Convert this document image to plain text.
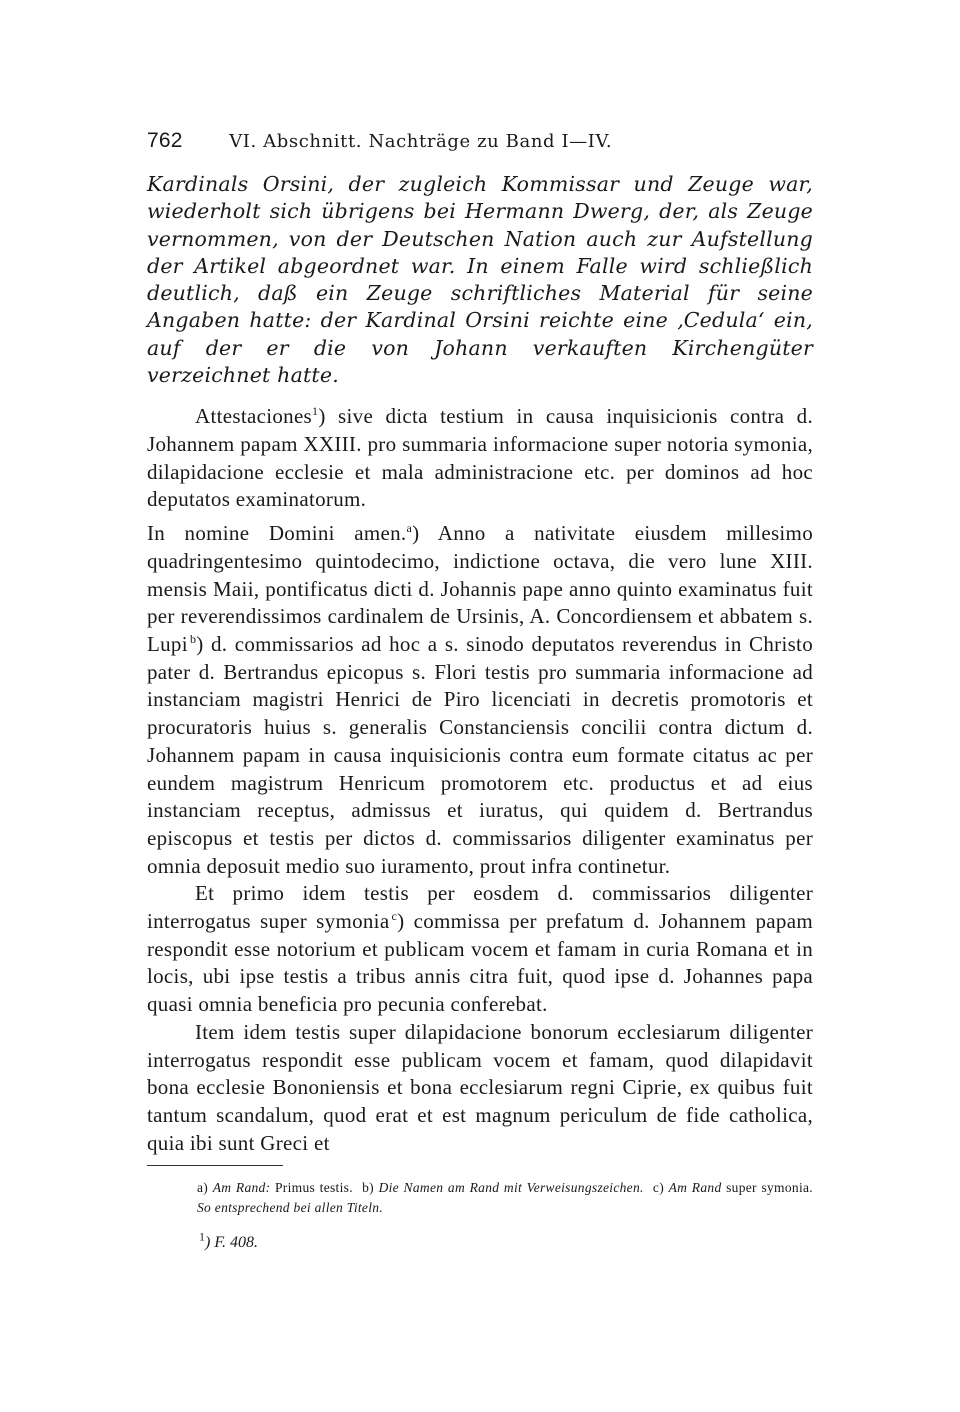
762	VI. Abschnitt. Nachträge zu Band I—IV.

Kardinals Orsini, der zugleich Kommissar und Zeuge war, wiederholt sich übrigens bei Hermann Dwerg, der, als Zeuge vernommen, von der Deutschen Nation auch zur Aufstellung der Artikel abgeordnet war. In einem Falle wird schließlich deutlich, daß ein Zeuge schriftliches Material für seine Angaben hatte: der Kardinal Orsini reichte eine ‚Cedula‘ ein, auf der er die von Johann verkauften Kirchengüter verzeichnet hatte.

Attestaciones$^1$) sive dicta testium in causa inquisicionis contra d. Johannem papam XXIII. pro summaria informacione super notoria symonia, dilapidacione ecclesie et mala administracione etc. per dominos ad hoc deputatos examinatorum.

In nomine Domini amen.$^a$) Anno a nativitate eiusdem millesimo quadringentesimo quintodecimo, indictione octava, die vero lune XIII. mensis Maii, pontificatus dicti d. Johannis pape anno quinto examinatus fuit per reverendissimos cardinalem de Ursinis, A. Concordiensem et abbatem s. Lupi  $^b$) d. commissarios ad hoc a s. sinodo deputatos reverendus in Christo pater d. Bertrandus epicopus s. Flori testis pro summaria informacione ad instanciam magistri Henrici de Piro licenciati in decretis promotoris et procuratoris huius s. generalis Constanciensis concilii contra dictum d. Johannem papam in causa inquisicionis contra eum formate citatus ac per eundem magistrum Henricum promotorem etc. productus et ad eius instanciam receptus, admissus et iuratus, qui quidem d. Bertrandus episcopus et testis per dictos d. commissarios diligenter examinatus per omnia deposuit medio suo iuramento, prout infra continetur.

Et primo idem testis per eosdem d. commissarios diligenter interrogatus super symonia  $^c$) commissa per prefatum d. Johannem papam respondit esse notorium et publicam vocem et famam in curia Romana et in locis, ubi ipse testis a tribus annis citra fuit, quod ipse d. Johannes papa quasi omnia beneficia pro pecunia conferebat.

Item idem testis super dilapidacione bonorum ecclesiarum diligenter interrogatus respondit esse publicam vocem et famam, quod dilapidavit bona ecclesie Bononiensis et bona ecclesiarum regni Ciprie, ex quibus fuit tantum scandalum, quod erat et est magnum periculum de fide catholica, quia ibi sunt Greci et

a) Am Rand: Primus testis. b) Die Namen am Rand mit Verweisungszeichen. c) Am Rand super symonia. So entsprechend bei allen Titeln.

$^1$) F. 408.
